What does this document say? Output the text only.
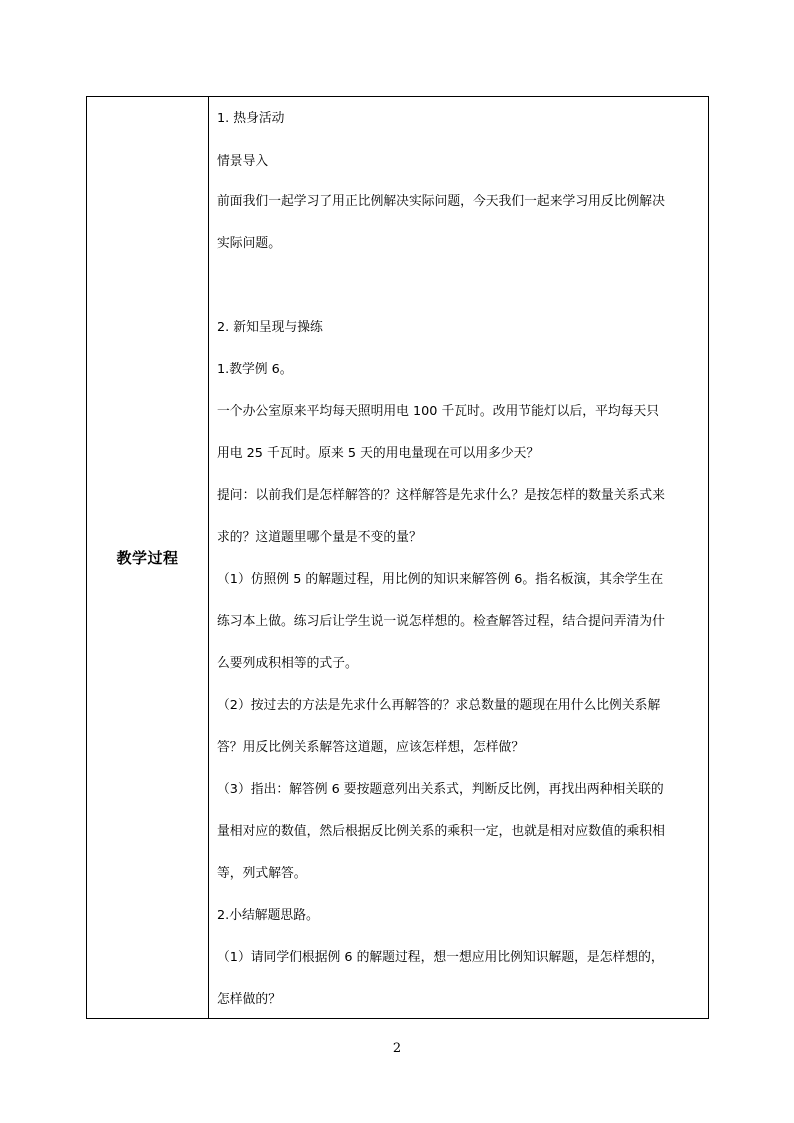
教学过程	
1. 热身活动
情景导入
前面我们一起学习了用正比例解决实际问题，今天我们一起来学习用反比例解决
实际问题。
2. 新知呈现与操练
1.教学例 6。
一个办公室原来平均每天照明用电 100 千瓦时。改用节能灯以后，平均每天只
用电 25 千瓦时。原来 5 天的用电量现在可以用多少天？
提问：以前我们是怎样解答的？这样解答是先求什么？是按怎样的数量关系式来
求的？这道题里哪个量是不变的量？
（1）仿照例 5 的解题过程，用比例的知识来解答例 6。指名板演，其余学生在
练习本上做。练习后让学生说一说怎样想的。检查解答过程，结合提问弄清为什
么要列成积相等的式子。
（2）按过去的方法是先求什么再解答的？求总数量的题现在用什么比例关系解
答？用反比例关系解答这道题，应该怎样想，怎样做？
（3）指出：解答例 6 要按题意列出关系式，判断反比例，再找出两种相关联的
量相对应的数值，然后根据反比例关系的乘积一定，也就是相对应数值的乘积相
等，列式解答。
2.小结解题思路。
（1）请同学们根据例 6 的解题过程，想一想应用比例知识解题，是怎样想的，
怎样做的？
2
